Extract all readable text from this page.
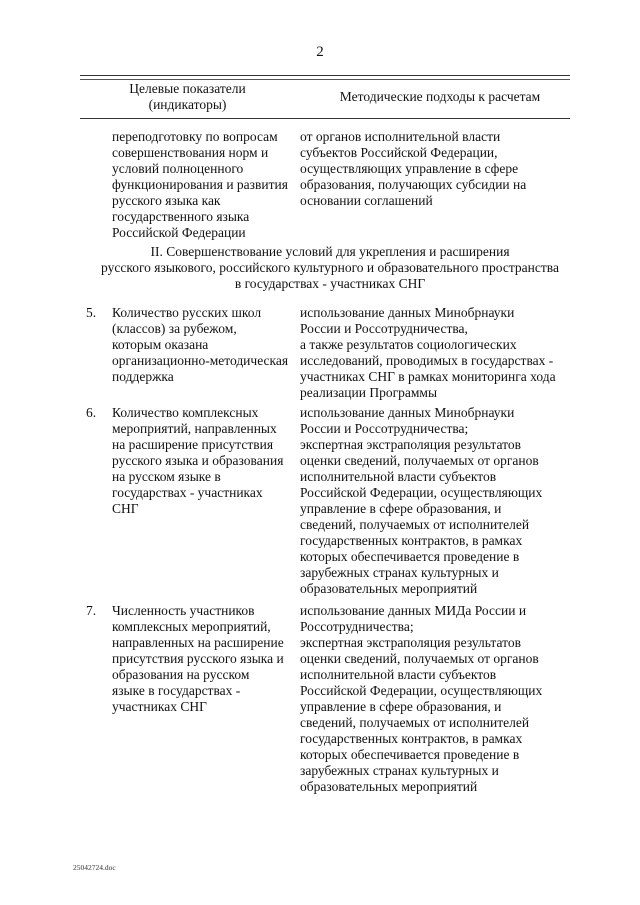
2
Целевые показатели
(индикаторы)
Методические подходы к расчетам

переподготовку по вопросам

совершенствования норм и

условий полноценного

функционирования и развития

русского языка как

государственного языка

Российской Федерации

от органов исполнительной власти

субъектов Российской Федерации,

осуществляющих управление в сфере

образования, получающих субсидии на

основании соглашений

II. Совершенствование условий для укрепления и расширения
русского языкового, российского культурного и образовательного пространства
в государствах - участниках СНГ
5. Количество русских школ

(классов) за рубежом,

которым оказана

организационно-методическая

поддержка

использование данных Минобрнауки

России и Россотрудничества,

а также результатов социологических

исследований, проводимых в государствах -

участниках СНГ в рамках мониторинга хода

реализации Программы

6. Количество комплексных

мероприятий, направленных

на расширение присутствия

русского языка и образования

на русском языке в

государствах - участниках

СНГ

использование данных Минобрнауки

России и Россотрудничества;

экспертная экстраполяция результатов

оценки сведений, получаемых от органов

исполнительной власти субъектов

Российской Федерации, осуществляющих

управление в сфере образования, и

сведений, получаемых от исполнителей

государственных контрактов, в рамках

которых обеспечивается проведение в

зарубежных странах культурных и

образовательных мероприятий

7. Численность участников

комплексных мероприятий,

направленных на расширение

присутствия русского языка и

образования на русском

языке в государствах -

участниках СНГ

использование данных МИДа России и

Россотрудничества;

экспертная экстраполяция результатов

оценки сведений, получаемых от органов

исполнительной власти субъектов

Российской Федерации, осуществляющих

управление в сфере образования, и

сведений, получаемых от исполнителей

государственных контрактов, в рамках

которых обеспечивается проведение в

зарубежных странах культурных и

образовательных мероприятий

25042724.doc
